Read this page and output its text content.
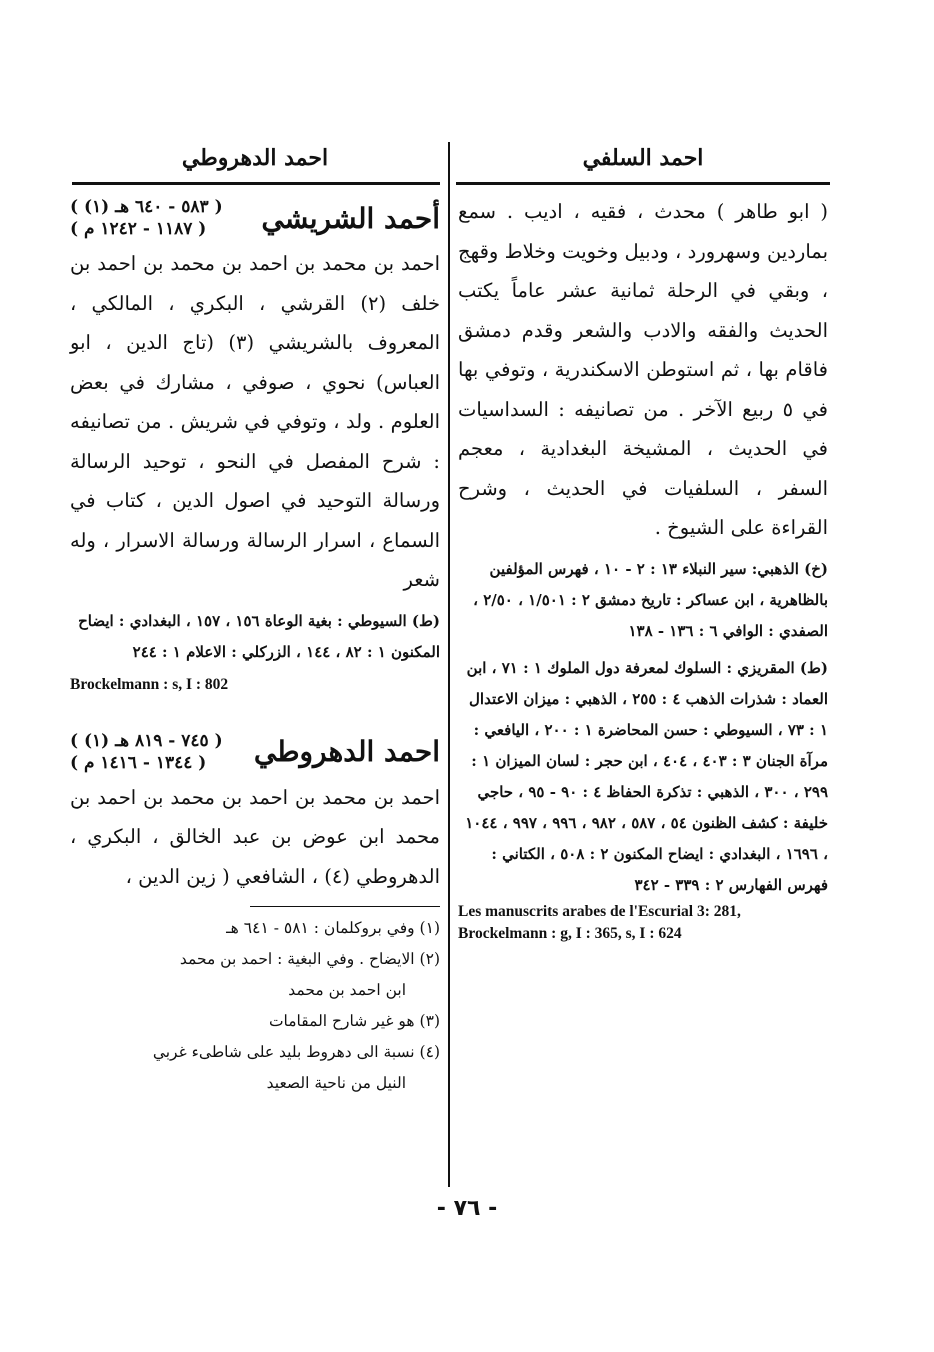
احمد السلفي

( ابو طاهر ) محدث ، فقيه ، اديب . سمع بماردين وسهرورد ، ودبيل وخويت وخلاط وقهج ، وبقي في الرحلة ثمانية عشر عاماً يكتب الحديث والفقه والادب والشعر وقدم دمشق فاقام بها ، ثم استوطن الاسكندرية ، وتوفي بها في ٥ ربيع الآخر . من تصانيفه : السداسيات في الحديث ، المشيخة البغدادية ، معجم السفر ، السلفيات في الحديث ، وشرح القراءة على الشيوخ .

(خ) الذهبي: سير النبلاء ١٣ : ٢ - ١٠ ، فهرس المؤلفين بالظاهرية ، ابن عساكر : تاريخ دمشق ٢ : ١/٥٠١ ، ٢/٥٠ ، الصفدي : الوافي ٦ : ١٣٦ - ١٣٨
(ط) المقريزي : السلوك لمعرفة دول الملوك ١ : ٧١ ، ابن العماد : شذرات الذهب ٤ : ٢٥٥ ، الذهبي : ميزان الاعتدال ١ : ٧٣ ، السيوطي : حسن المحاضرة ١ : ٢٠٠ ، اليافعي : مرآة الجنان ٣ : ٤٠٣ ، ٤٠٤ ، ابن حجر : لسان الميزان ١ : ٢٩٩ ، ٣٠٠ ، الذهبي : تذكرة الحفاظ ٤ : ٩٠ - ٩٥ ، حاجي خليفة : كشف الظنون ٥٤ ، ٥٨٧ ، ٩٨٢ ، ٩٩٦ ، ٩٩٧ ، ١٠٤٤ ، ١٦٩٦ ، البغدادي : ايضاح المكنون ٢ : ٥٠٨ ، الكتاني : فهرس الفهارس ٢ : ٣٣٩ - ٣٤٢
Les manuscrits arabes de l'Escurial 3: 281, Brockelmann : g, I : 365, s, I : 624
احمد الدهروطي
أحمد الشريشي
( ٥٨٣ - ٦٤٠ هـ (١) )
( ١١٨٧ - ١٢٤٢ م )

احمد بن محمد بن احمد بن محمد بن احمد بن خلف (٢) القرشي ، البكري ، المالكي ، المعروف بالشريشي (٣) (تاج الدين ، ابو العباس) نحوي ، صوفي ، مشارك في بعض العلوم . ولد ، وتوفي في شريش . من تصانيفه : شرح المفصل في النحو ، توحيد الرسالة ورسالة التوحيد في اصول الدين ، كتاب في السماع ، اسرار الرسالة ورسالة الاسرار ، وله شعر

(ط) السيوطي : بغية الوعاة ١٥٦ ، ١٥٧ ، البغدادي : ايضاح المكنون ١ : ٨٢ ، ١٤٤ ، الزركلي : الاعلام ١ : ٢٤٤
Brockelmann : s, I : 802
احمد الدهروطي
( ٧٤٥ - ٨١٩ هـ (١) )
( ١٣٤٤ - ١٤١٦ م )

احمد بن محمد بن احمد بن محمد بن احمد بن محمد ابن عوض بن عبد الخالق ، البكري ، الدهروطي (٤) ، الشافعي ( زين الدين ،

(١) وفي بروكلمان : ٥٨١ - ٦٤١ هـ
(٢) الايضاح . وفي البغية : احمد بن محمد
ابن احمد بن محمد
(٣) هو غير شارح المقامات
(٤) نسبة الى دهروط بليد على شاطىء غربي
النيل من ناحية الصعيد
- ٧٦ -
